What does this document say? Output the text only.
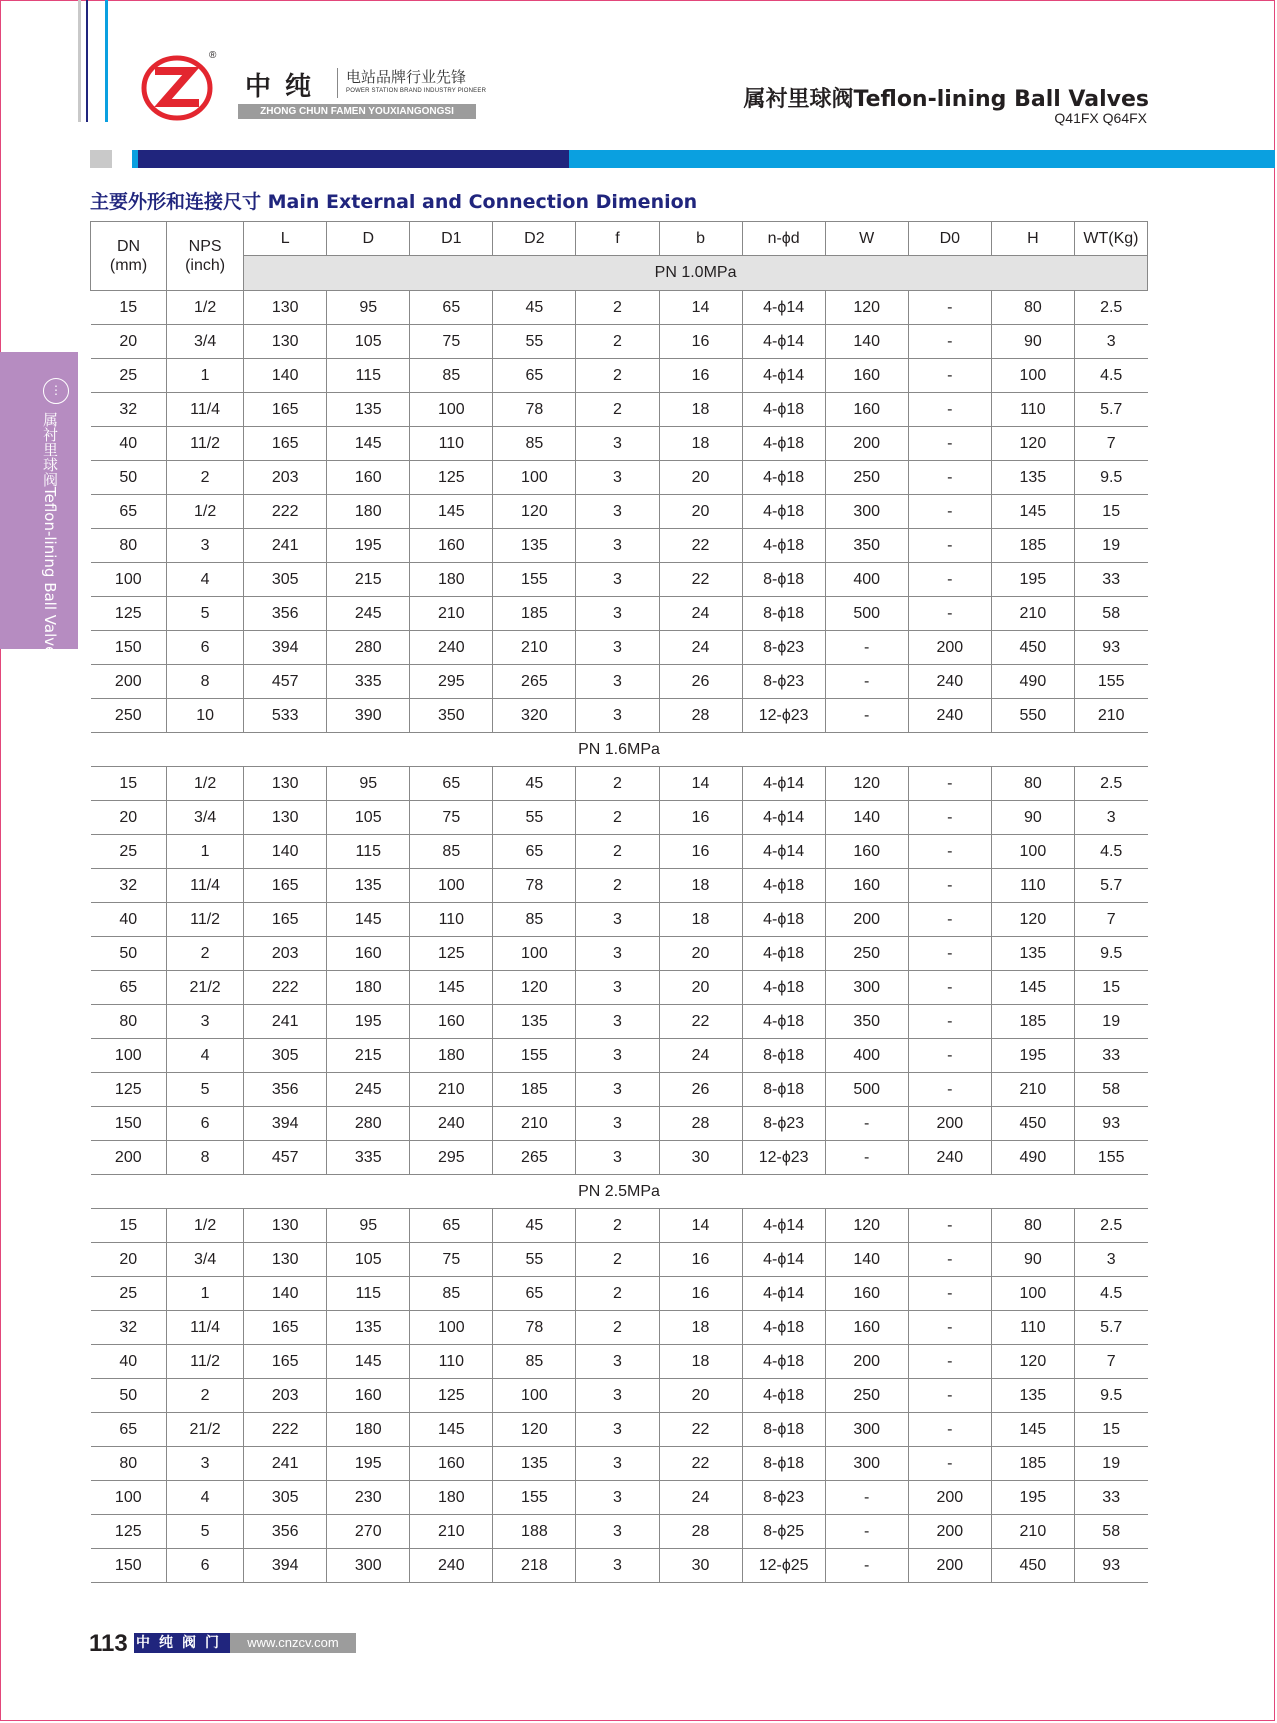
®
中纯 电站品牌行业先锋
POWER STATION BRAND INDUSTRY PIONEER
ZHONG CHUN FAMEN YOUXIANGONGSI	属衬里球阀Teflon-lining Ball Valves
Q41FX Q64FX
⋮
属衬里球阀Teflon-lining Ball Valves
主要外形和连接尺寸 Main External and Connection Dimenion
DN
(mm)	NPS
(inch)	L	D	D1	D2	f	b	n-ϕd	W	D0	H	WT(Kg)
		PN 1.0MPa										
15	1/2	130	95	65	45	2	14	4-ϕ14	120	-	80	2.5
20	3/4	130	105	75	55	2	16	4-ϕ14	140	-	90	3
25	1	140	115	85	65	2	16	4-ϕ14	160	-	100	4.5
32	11/4	165	135	100	78	2	18	4-ϕ18	160	-	110	5.7
40	11/2	165	145	110	85	3	18	4-ϕ18	200	-	120	7
50	2	203	160	125	100	3	20	4-ϕ18	250	-	135	9.5
65	1/2	222	180	145	120	3	20	4-ϕ18	300	-	145	15
80	3	241	195	160	135	3	22	4-ϕ18	350	-	185	19
100	4	305	215	180	155	3	22	8-ϕ18	400	-	195	33
125	5	356	245	210	185	3	24	8-ϕ18	500	-	210	58
150	6	394	280	240	210	3	24	8-ϕ23	-	200	450	93
200	8	457	335	295	265	3	26	8-ϕ23	-	240	490	155
250	10	533	390	350	320	3	28	12-ϕ23	-	240	550	210
PN 1.6MPa												
15	1/2	130	95	65	45	2	14	4-ϕ14	120	-	80	2.5
20	3/4	130	105	75	55	2	16	4-ϕ14	140	-	90	3
25	1	140	115	85	65	2	16	4-ϕ14	160	-	100	4.5
32	11/4	165	135	100	78	2	18	4-ϕ18	160	-	110	5.7
40	11/2	165	145	110	85	3	18	4-ϕ18	200	-	120	7
50	2	203	160	125	100	3	20	4-ϕ18	250	-	135	9.5
65	21/2	222	180	145	120	3	20	4-ϕ18	300	-	145	15
80	3	241	195	160	135	3	22	4-ϕ18	350	-	185	19
100	4	305	215	180	155	3	24	8-ϕ18	400	-	195	33
125	5	356	245	210	185	3	26	8-ϕ18	500	-	210	58
150	6	394	280	240	210	3	28	8-ϕ23	-	200	450	93
200	8	457	335	295	265	3	30	12-ϕ23	-	240	490	155
PN 2.5MPa												
15	1/2	130	95	65	45	2	14	4-ϕ14	120	-	80	2.5
20	3/4	130	105	75	55	2	16	4-ϕ14	140	-	90	3
25	1	140	115	85	65	2	16	4-ϕ14	160	-	100	4.5
32	11/4	165	135	100	78	2	18	4-ϕ18	160	-	110	5.7
40	11/2	165	145	110	85	3	18	4-ϕ18	200	-	120	7
50	2	203	160	125	100	3	20	4-ϕ18	250	-	135	9.5
65	21/2	222	180	145	120	3	22	8-ϕ18	300	-	145	15
80	3	241	195	160	135	3	22	8-ϕ18	300	-	185	19
100	4	305	230	180	155	3	24	8-ϕ23	-	200	195	33
125	5	356	270	210	188	3	28	8-ϕ25	-	200	210	58
150	6	394	300	240	218	3	30	12-ϕ25	-	200	450	93
113 中纯阀门	www.cnzcv.com
